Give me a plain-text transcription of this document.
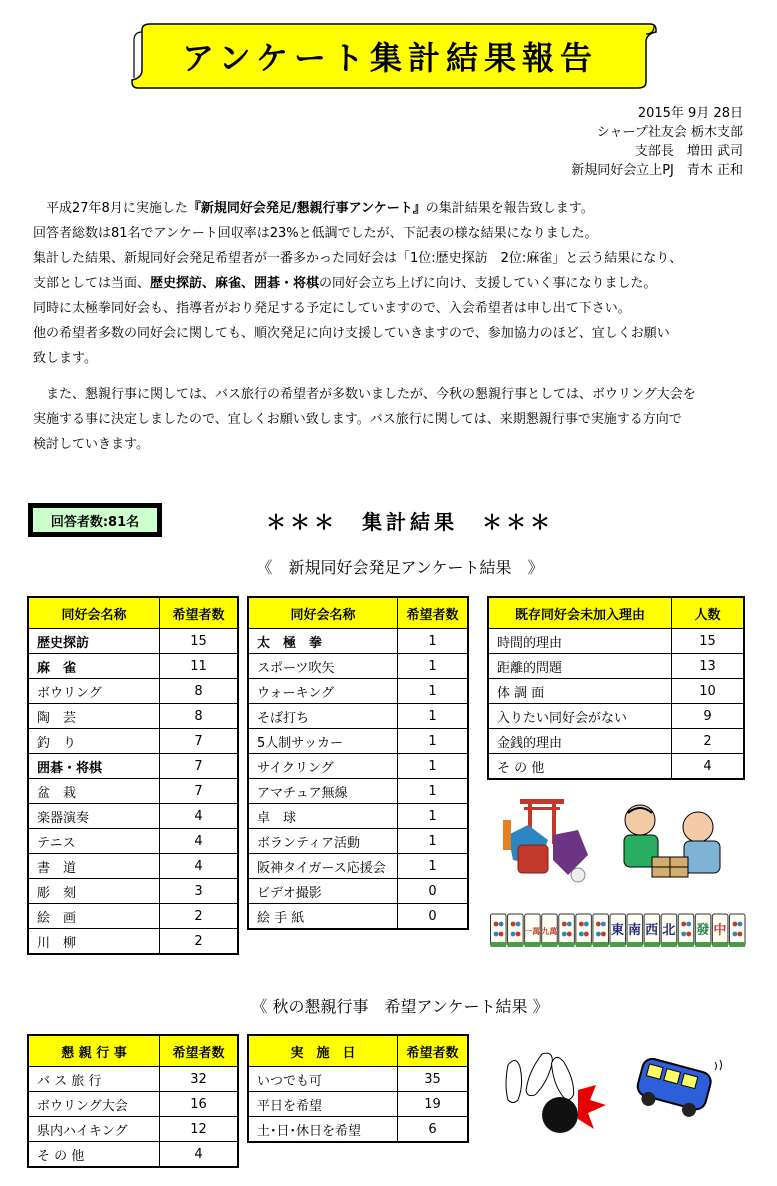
アンケート集計結果報告
2015年 9月 28日
シャープ社友会 栃木支部
支部長　増田 武司
新規同好会立上PJ　青木 正和

　平成27年8月に実施した『新規同好会発足/懇親行事アンケート』の集計結果を報告致します。

回答者総数は81名でアンケート回収率は23%と低調でしたが、下記表の様な結果になりました。

集計した結果、新規同好会発足希望者が一番多かった同好会は「1位:歴史探訪　2位:麻雀」と云う結果になり、

支部としては当面、歴史探訪、麻雀、囲碁・将棋の同好会立ち上げに向け、支援していく事になりました。

同時に太極拳同好会も、指導者がおり発足する予定にしていますので、入会希望者は申し出て下さい。

他の希望者多数の同好会に関しても、順次発足に向け支援していきますので、参加協力のほど、宜しくお願い

致します。

　また、懇親行事に関しては、バス旅行の希望者が多数いましたが、今秋の懇親行事としては、ボウリング大会を

実施する事に決定しましたので、宜しくお願い致します。バス旅行に関しては、来期懇親行事で実施する方向で

検討していきます。

回答者数:81名	＊＊＊　集計結果　＊＊＊
《　新規同好会発足アンケート結果　》
同好会名称	希望者数
歴史探訪	15
麻　雀	11
ボウリング	8
陶　芸	8
釣　り	7
囲碁・将棋	7
盆　栽	7
楽器演奏	4
テニス	4
書　道	4
彫　刻	3
絵　画	2
川　柳	2
同好会名称	希望者数
太　極　拳	1
スポーツ吹矢	1
ウォーキング	1
そば打ち	1
5人制サッカー	1
サイクリング	1
アマチュア無線	1
卓　球	1
ボランティア活動	1
阪神タイガース応援会	1
ビデオ撮影	0
絵 手 紙	0
既存同好会未加入理由	人数
時間的理由	15
距離的問題	13
体 調 面	10
入りたい同好会がない	9
金銭的理由	2
そ の 他	4
一萬 九萬	東 南 西 北 發 中
《 秋の懇親行事　希望アンケート結果 》
懇 親 行 事	希望者数
バ ス 旅 行	32
ボウリング大会	16
県内ハイキング	12
そ の 他	4
実　施　日	希望者数
いつでも可	35
平日を希望	19
土･日･休日を希望	6
